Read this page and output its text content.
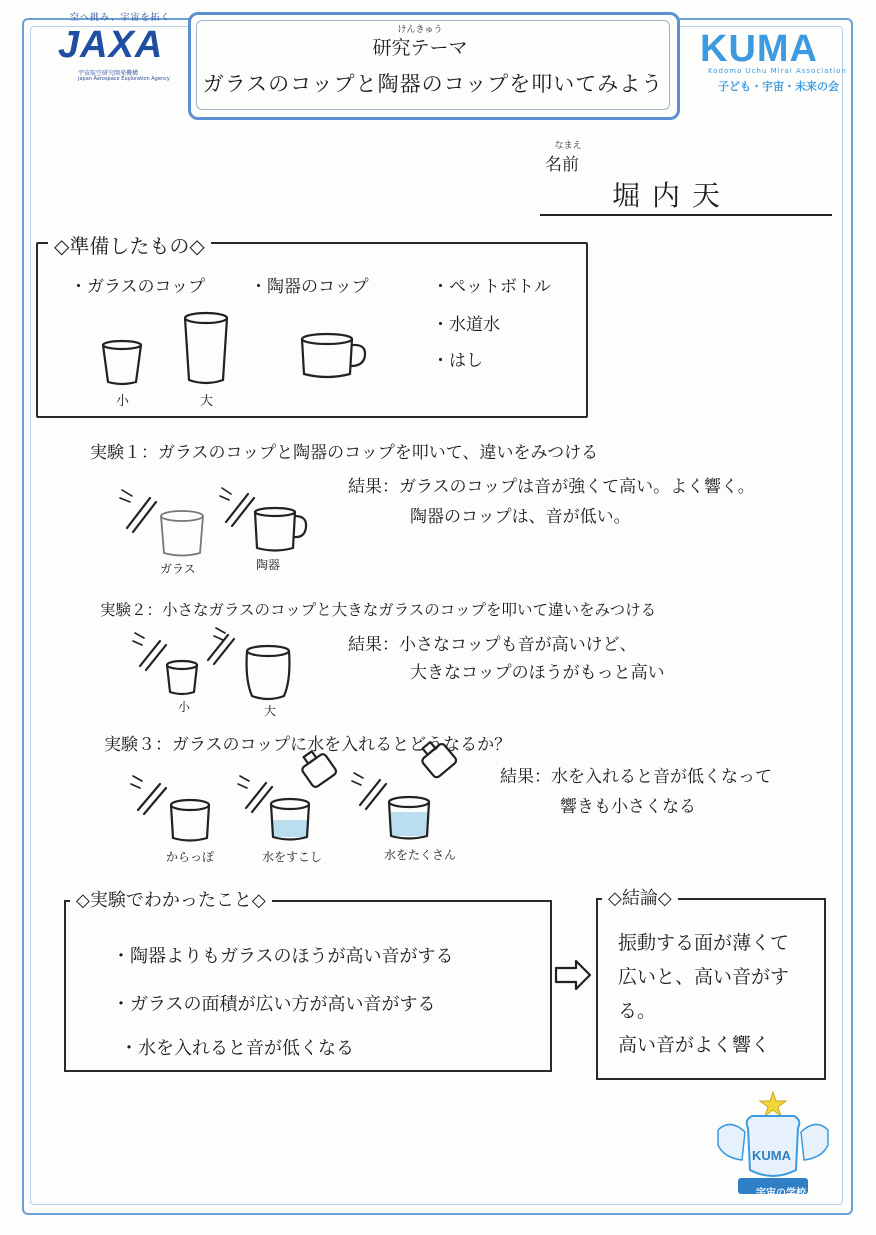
空へ挑み、宇宙を拓く
JAXA
宇宙航空研究開発機構
Japan Aerospace Exploration Agency
けんきゅう
研究テーマ
ガラスのコップと陶器のコップを叩いてみよう
KUMA
Kodomo Uchu Mirai Association
子ども・宇宙・未来の会
なまえ
名前
堀内天
◇準備したもの◇
・ガラスのコップ	・陶器のコップ	・ペットボトル
・水道水
・はし
小	大
実験１：ガラスのコップと陶器のコップを叩いて、違いをみつける
結果：ガラスのコップは音が強くて高い。よく響く。
陶器のコップは、音が低い。
ガラス	陶器
実験２：小さなガラスのコップと大きなガラスのコップを叩いて違いをみつける
結果：小さなコップも音が高いけど、
大きなコップのほうがもっと高い
小	大
実験３：ガラスのコップに水を入れるとどうなるか？
結果：水を入れると音が低くなって
響きも小さくなる
からっぽ	水をすこし	水をたくさん
◇実験でわかったこと◇
・陶器よりもガラスのほうが高い音がする
・ガラスの面積が広い方が高い音がする
・水を入れると音が低くなる
◇結論◇
振動する面が薄くて
広いと、高い音がする。
高い音がよく響く
KUMA
宇宙の学校
